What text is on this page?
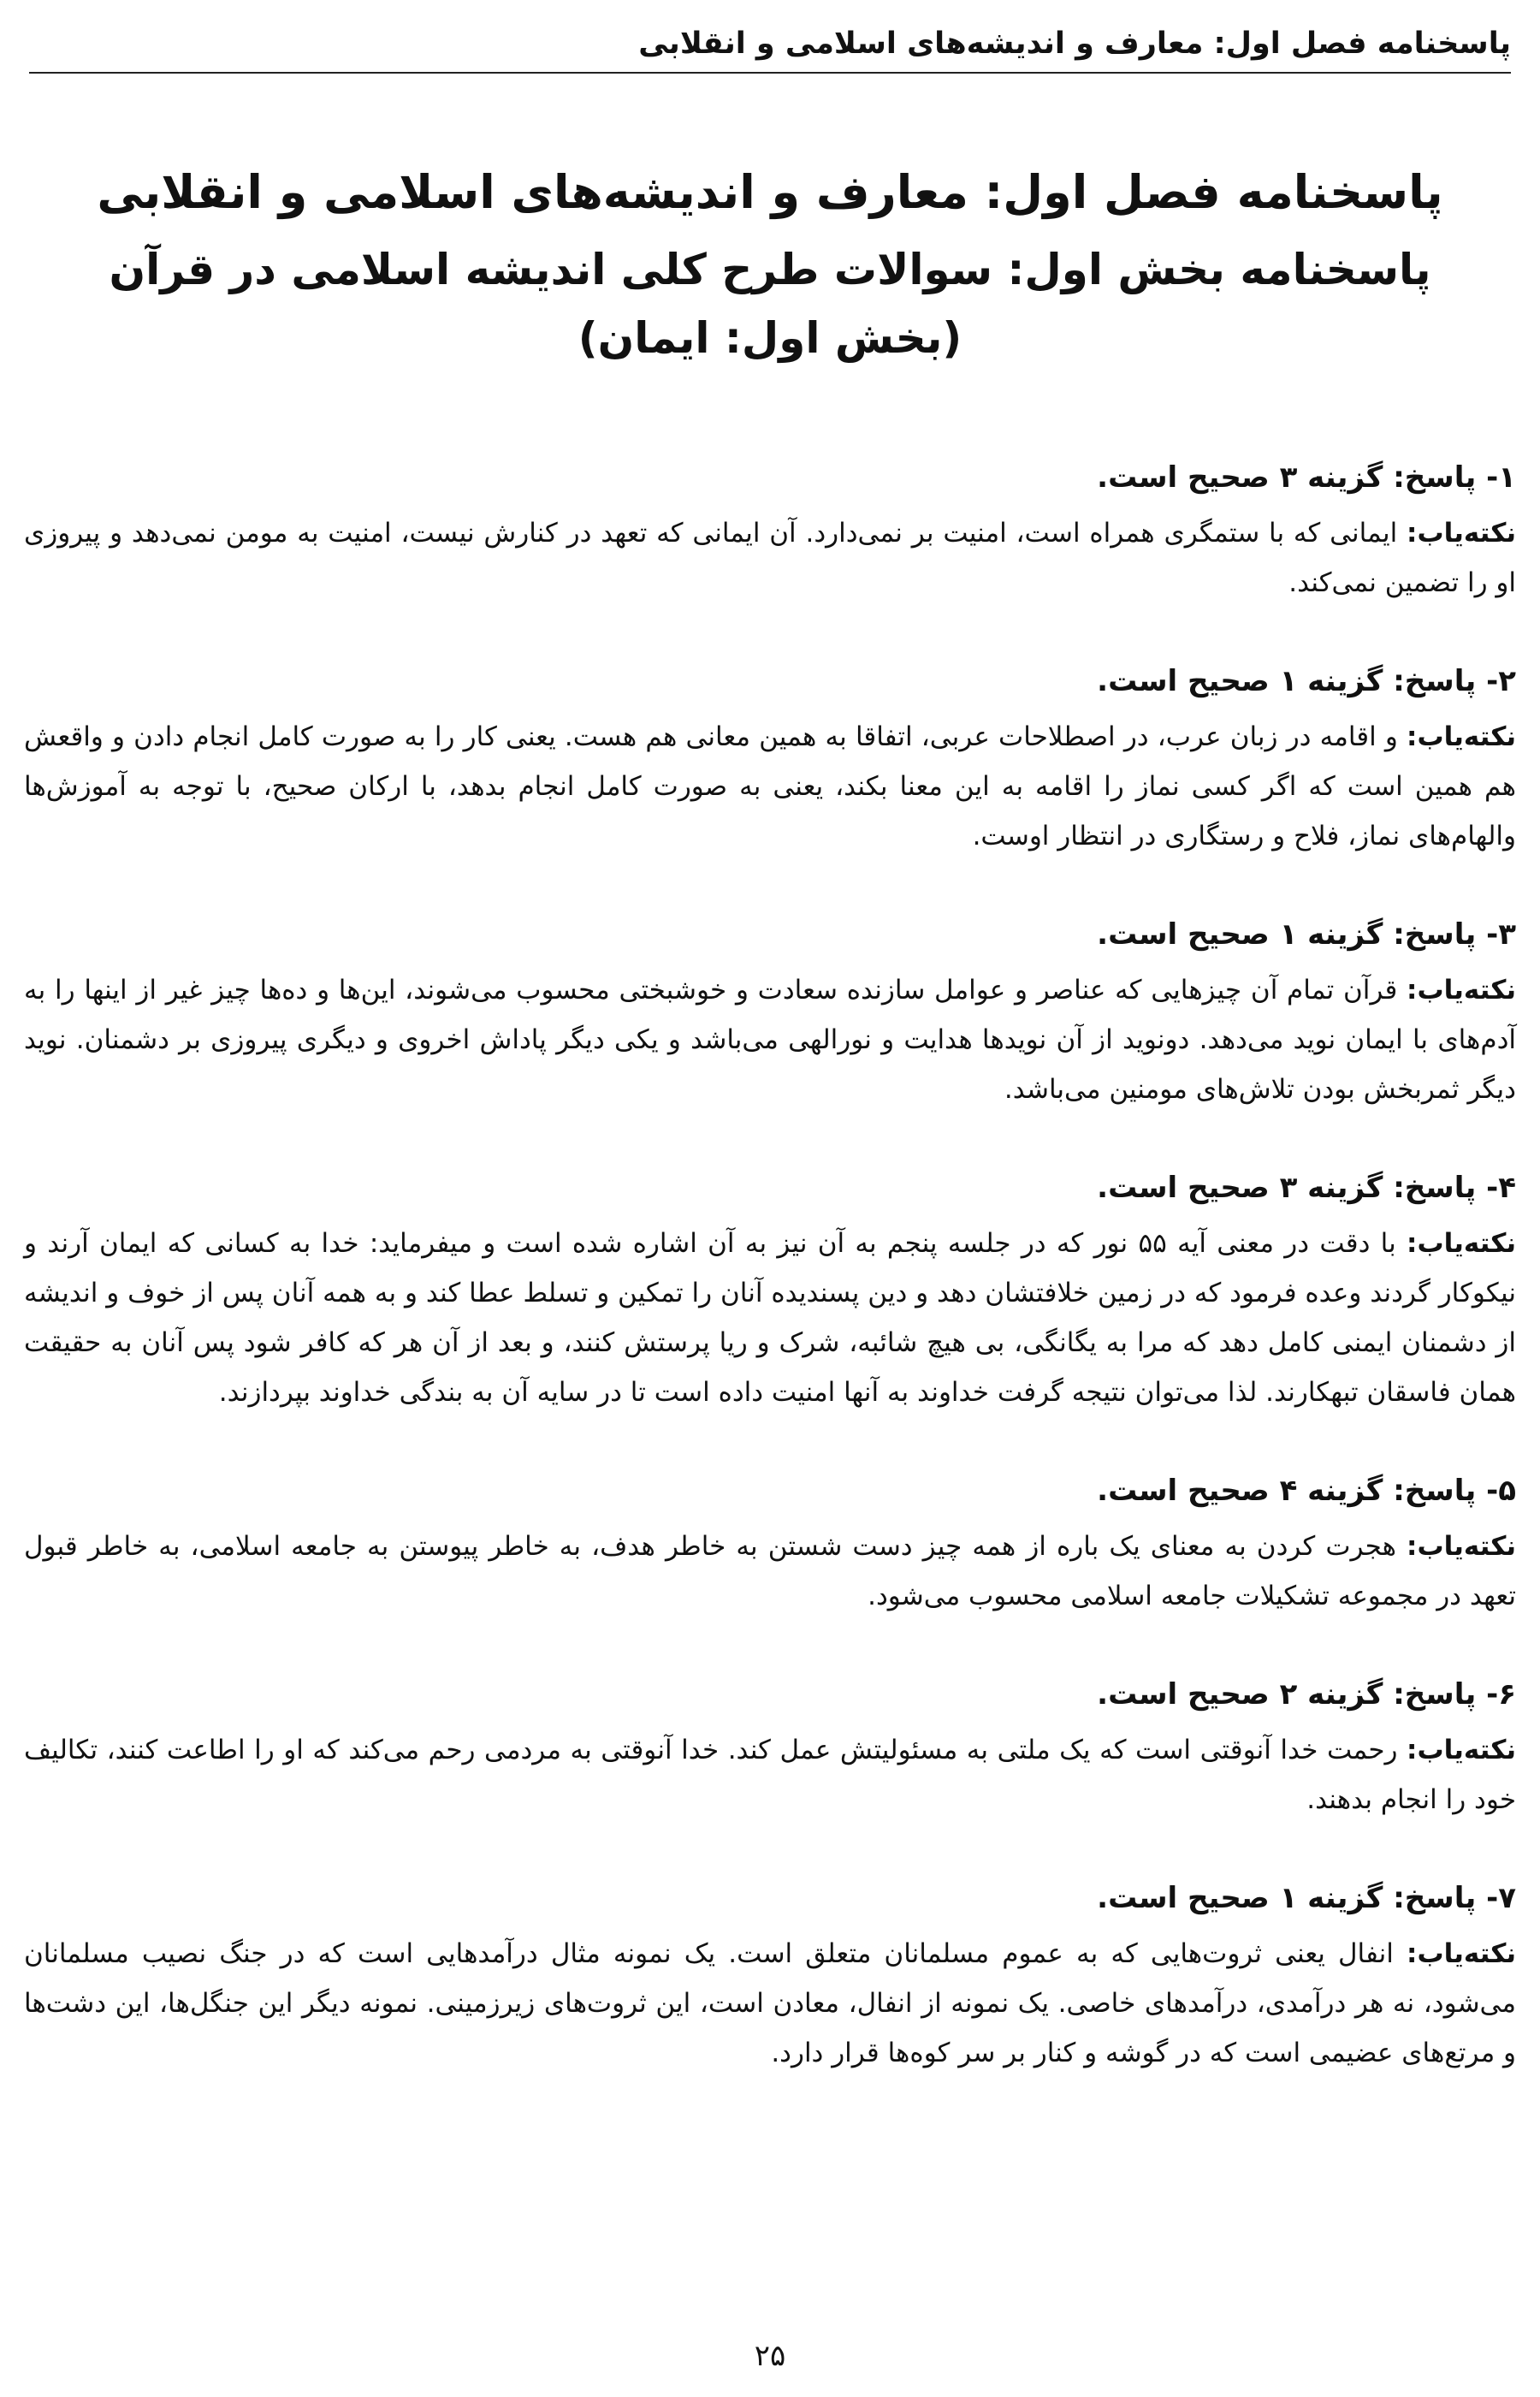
پاسخنامه فصل اول: معارف و اندیشه‌های اسلامی و انقلابی
پاسخنامه فصل اول: معارف و اندیشه‌های اسلامی و انقلابی
پاسخنامه بخش اول: سوالات طرح کلی اندیشه اسلامی در قرآن (بخش اول: ایمان)

۱- پاسخ: گزینه ۳ صحیح است.

نکته‌یاب: ایمانی که با ستمگری همراه است، امنیت بر نمی‌دارد. آن ایمانی که تعهد در کنارش نیست، امنیت به مومن نمی‌دهد و پیروزی او را تضمین نمی‌کند.

۲- پاسخ: گزینه ۱ صحیح است.

نکته‌یاب: و اقامه در زبان عرب، در اصطلاحات عربی، اتفاقا به همین معانی هم هست. یعنی کار را به صورت کامل انجام دادن و واقعش هم همین است که اگر کسی نماز را اقامه به این معنا بکند، یعنی به صورت کامل انجام بدهد، با ارکان صحیح، با توجه به آموزش‌ها والهام‌های نماز، فلاح و رستگاری در انتظار اوست.

۳- پاسخ: گزینه ۱ صحیح است.

نکته‌یاب: قرآن تمام آن چیزهایی که عناصر و عوامل سازنده سعادت و خوشبختی محسوب می‌شوند، این‌ها و ده‌ها چیز غیر از اینها را به آدم‌های با ایمان نوید می‌دهد. دونوید از آن نویدها هدایت و نورالهی می‌باشد و یکی دیگر پاداش اخروی و دیگری پیروزی بر دشمنان. نوید دیگر ثمربخش بودن تلاش‌های مومنین می‌باشد.

۴- پاسخ: گزینه ۳ صحیح است.

نکته‌یاب: با دقت در معنی آیه ۵۵ نور که در جلسه پنجم به آن نیز به آن اشاره شده است و میفرماید: خدا به کسانی که ایمان آرند و نیکوکار گردند وعده فرمود که در زمین خلافتشان دهد و دین پسندیده آنان را تمکین و تسلط عطا کند و به همه آنان پس از خوف و اندیشه از دشمنان ایمنی کامل دهد که مرا به یگانگی، بی هیچ شائبه، شرک و ریا پرستش کنند، و بعد از آن هر که کافر شود پس آنان به حقیقت همان فاسقان تبهکارند. لذا می‌توان نتیجه گرفت خداوند به آنها امنیت داده است تا در سایه آن به بندگی خداوند بپردازند.

۵- پاسخ: گزینه ۴ صحیح است.

نکته‌یاب: هجرت کردن به معنای یک باره از همه چیز دست شستن به خاطر هدف، به خاطر پیوستن به جامعه اسلامی، به خاطر قبول تعهد در مجموعه تشکیلات جامعه اسلامی محسوب می‌شود.

۶- پاسخ: گزینه ۲ صحیح است.

نکته‌یاب: رحمت خدا آنوقتی است که یک ملتی به مسئولیتش عمل کند. خدا آنوقتی به مردمی رحم می‌کند که او را اطاعت کنند، تکالیف خود را انجام بدهند.

۷- پاسخ: گزینه ۱ صحیح است.

نکته‌یاب: انفال یعنی ثروت‌هایی که به عموم مسلمانان متعلق است. یک نمونه مثال درآمدهایی است که در جنگ نصیب مسلمانان می‌شود، نه هر درآمدی، درآمدهای خاصی. یک نمونه از انفال، معادن است، این ثروت‌های زیرزمینی. نمونه دیگر این جنگل‌ها، این دشت‌ها و مرتع‌های عضیمی است که در گوشه و کنار بر سر کوه‌ها قرار دارد.

۲۵
